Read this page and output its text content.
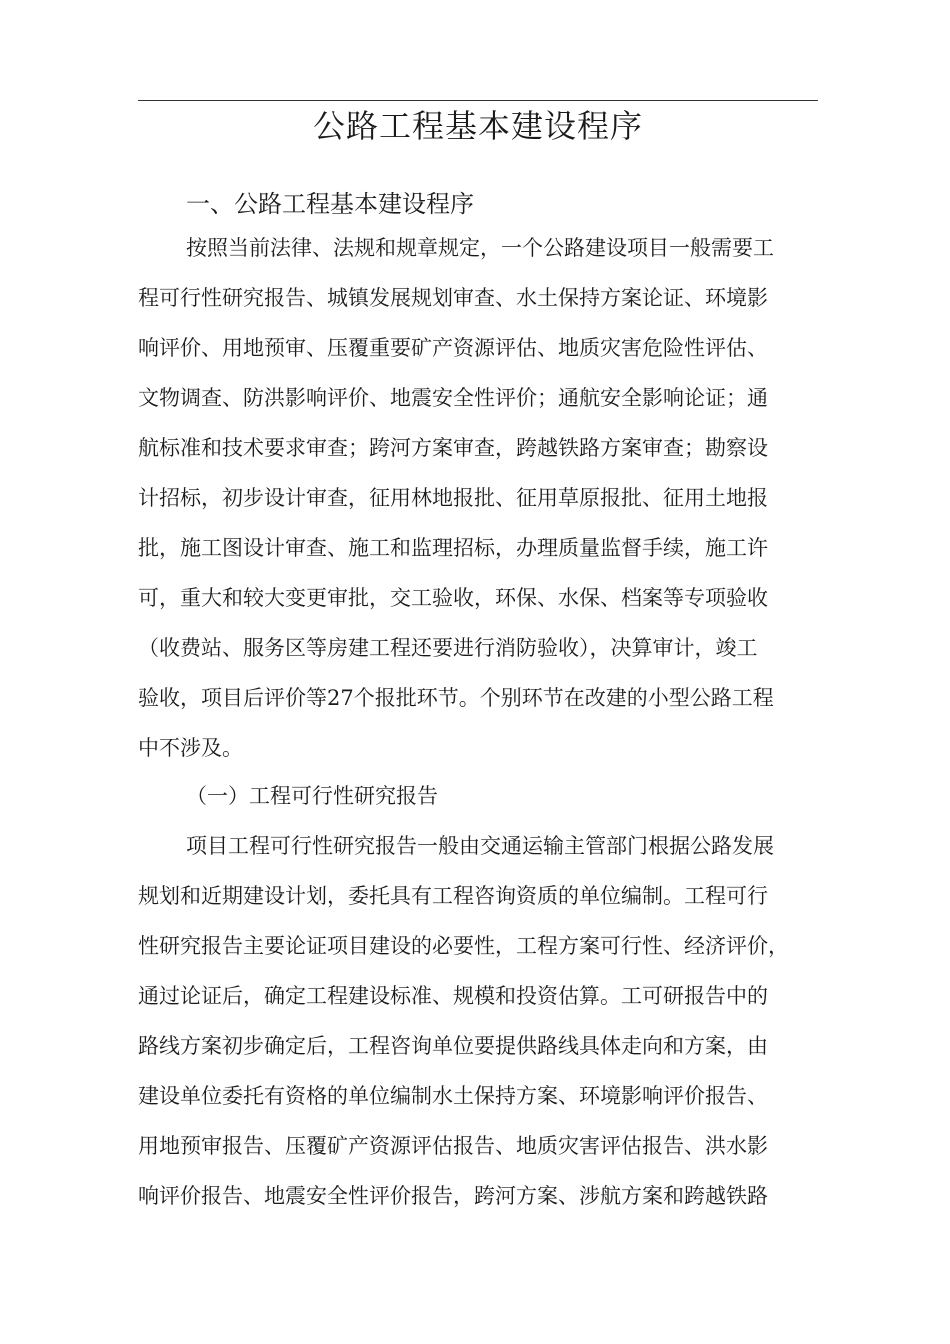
公路工程基本建设程序
一、公路工程基本建设程序
按照当前法律、法规和规章规定，一个公路建设项目一般需要工
程可行性研究报告、城镇发展规划审查、水土保持方案论证、环境影
响评价、用地预审、压覆重要矿产资源评估、地质灾害危险性评估、
文物调查、防洪影响评价、地震安全性评价；通航安全影响论证；通
航标准和技术要求审查；跨河方案审查，跨越铁路方案审查；勘察设
计招标，初步设计审查，征用林地报批、征用草原报批、征用土地报
批，施工图设计审查、施工和监理招标，办理质量监督手续，施工许
可，重大和较大变更审批，交工验收，环保、水保、档案等专项验收
（收费站、服务区等房建工程还要进行消防验收），决算审计，竣工
验收，项目后评价等27个报批环节。个别环节在改建的小型公路工程
中不涉及。
（一）工程可行性研究报告
项目工程可行性研究报告一般由交通运输主管部门根据公路发展
规划和近期建设计划，委托具有工程咨询资质的单位编制。工程可行
性研究报告主要论证项目建设的必要性，工程方案可行性、经济评价，
通过论证后，确定工程建设标准、规模和投资估算。工可研报告中的
路线方案初步确定后，工程咨询单位要提供路线具体走向和方案，由
建设单位委托有资格的单位编制水土保持方案、环境影响评价报告、
用地预审报告、压覆矿产资源评估报告、地质灾害评估报告、洪水影
响评价报告、地震安全性评价报告，跨河方案、涉航方案和跨越铁路
